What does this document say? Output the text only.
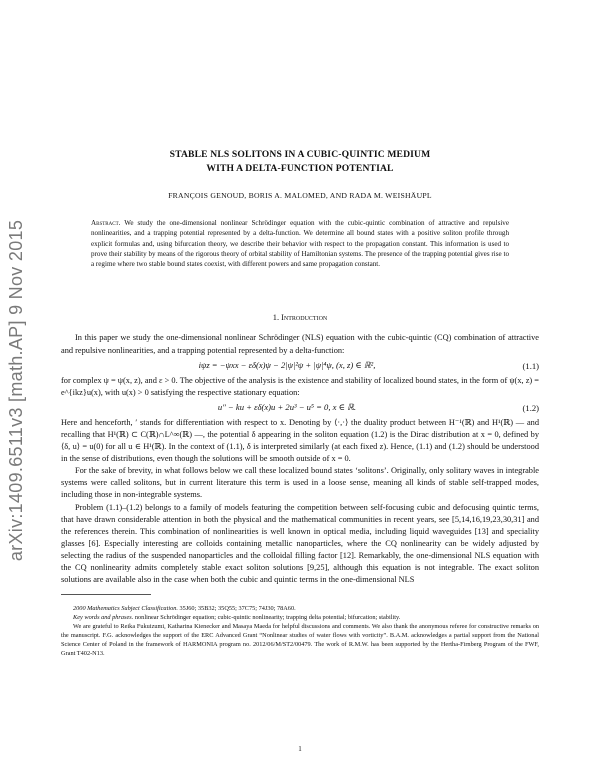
arXiv:1409.6511v3 [math.AP] 9 Nov 2015
STABLE NLS SOLITONS IN A CUBIC-QUINTIC MEDIUM
WITH A DELTA-FUNCTION POTENTIAL
FRANÇOIS GENOUD, BORIS A. MALOMED, AND RADA M. WEISHÄUPL
Abstract. We study the one-dimensional nonlinear Schrödinger equation with the cubic-quintic combination of attractive and repulsive nonlinearities, and a trapping potential represented by a delta-function. We determine all bound states with a positive soliton profile through explicit formulas and, using bifurcation theory, we describe their behavior with respect to the propagation constant. This information is used to prove their stability by means of the rigorous theory of orbital stability of Hamiltonian systems. The presence of the trapping potential gives rise to a regime where two stable bound states coexist, with different powers and same propagation constant.
1. Introduction

In this paper we study the one-dimensional nonlinear Schrödinger (NLS) equation with the cubic-quintic (CQ) combination of attractive and repulsive nonlinearities, and a trapping potential represented by a delta-function:

iψz = −ψxx − εδ(x)ψ − 2|ψ|²ψ + |ψ|⁴ψ, (x, z) ∈ ℝ²,	(1.1)

for complex ψ = ψ(x, z), and ε > 0. The objective of the analysis is the existence and stability of localized bound states, in the form of ψ(x, z) = e^{ikz}u(x), with u(x) > 0 satisfying the respective stationary equation:

u″ − ku + εδ(x)u + 2u³ − u⁵ = 0, x ∈ ℝ.	(1.2)

Here and henceforth, ′ stands for differentiation with respect to x. Denoting by ⟨·,·⟩ the duality product between H⁻¹(ℝ) and H¹(ℝ) — and recalling that H¹(ℝ) ⊂ C(ℝ)∩L^∞(ℝ) —, the potential δ appearing in the soliton equation (1.2) is the Dirac distribution at x = 0, defined by ⟨δ, u⟩ = u(0) for all u ∈ H¹(ℝ). In the context of (1.1), δ is interpreted similarly (at each fixed z). Hence, (1.1) and (1.2) should be understood in the sense of distributions, even though the solutions will be smooth outside of x = 0.

For the sake of brevity, in what follows below we call these localized bound states ‘solitons’. Originally, only solitary waves in integrable systems were called solitons, but in current literature this term is used in a loose sense, meaning all kinds of stable self-trapped modes, including those in non-integrable systems.

Problem (1.1)–(1.2) belongs to a family of models featuring the competition between self-focusing cubic and defocusing quintic terms, that have drawn considerable attention in both the physical and the mathematical communities in recent years, see [5,14,16,19,23,30,31] and the references therein. This combination of nonlinearities is well known in optical media, including liquid waveguides [13] and speciality glasses [6]. Especially interesting are colloids containing metallic nanoparticles, where the CQ nonlinearity can be widely adjusted by selecting the radius of the suspended nanoparticles and the colloidal filling factor [12]. Remarkably, the one-dimensional NLS equation with the CQ nonlinearity admits completely stable exact soliton solutions [9,25], although this equation is not integrable. The exact soliton solutions are available also in the case when both the cubic and quintic terms in the one-dimensional NLS

2000 Mathematics Subject Classification. 35J60; 35B32; 35Q55; 37C75; 74J30; 78A60.

Key words and phrases. nonlinear Schrödinger equation; cubic-quintic nonlinearity; trapping delta potential; bifurcation; stability.

We are grateful to Reika Fukuizumi, Katharina Kienecker and Masaya Maeda for helpful discussions and comments. We also thank the anonymous referee for constructive remarks on the manuscript. F.G. acknowledges the support of the ERC Advanced Grant “Nonlinear studies of water flows with vorticity”. B.A.M. acknowledges a partial support from the National Science Center of Poland in the framework of HARMONIA program no. 2012/06/M/ST2/00479. The work of R.M.W. has been supported by the Hertha-Firnberg Program of the FWF, Grant T402-N13.

1
